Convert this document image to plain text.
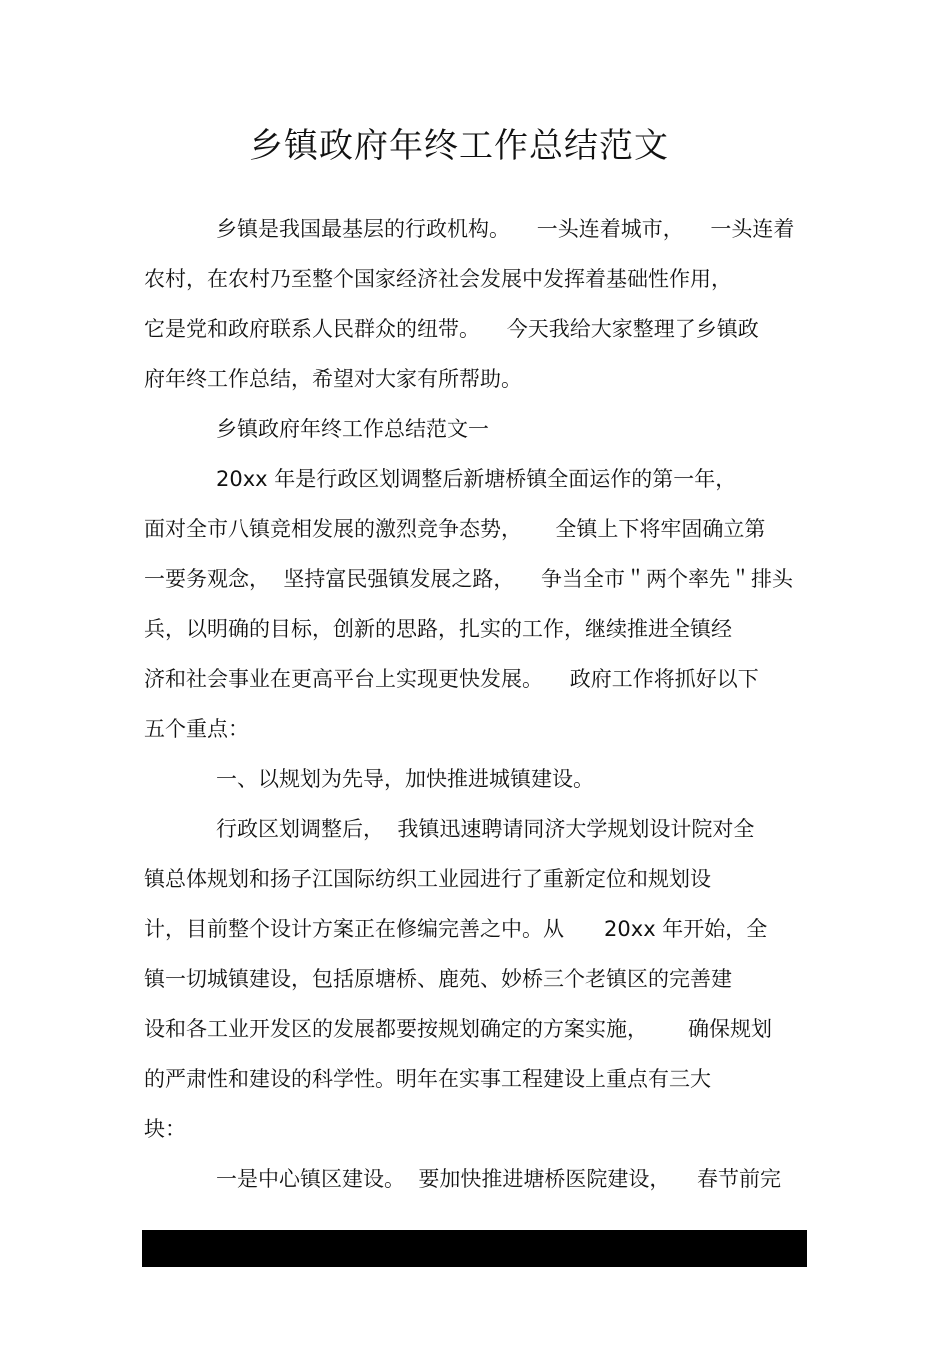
乡镇政府年终工作总结范文
乡镇是我国最基层的行政机构。    一头连着城市，    一头连着
农村，在农村乃至整个国家经济社会发展中发挥着基础性作用，
它是党和政府联系人民群众的纽带。    今天我给大家整理了乡镇政
府年终工作总结，希望对大家有所帮助。
乡镇政府年终工作总结范文一
20xx 年是行政区划调整后新塘桥镇全面运作的第一年，
面对全市八镇竞相发展的激烈竞争态势，     全镇上下将牢固确立第
一要务观念，  坚持富民强镇发展之路，    争当全市＂两个率先＂排头
兵，以明确的目标，创新的思路，扎实的工作，继续推进全镇经
济和社会事业在更高平台上实现更快发展。    政府工作将抓好以下
五个重点：
一、以规划为先导，加快推进城镇建设。
行政区划调整后，  我镇迅速聘请同济大学规划设计院对全
镇总体规划和扬子江国际纺织工业园进行了重新定位和规划设
计，目前整个设计方案正在修编完善之中。从      20xx 年开始，全
镇一切城镇建设，包括原塘桥、鹿苑、妙桥三个老镇区的完善建
设和各工业开发区的发展都要按规划确定的方案实施，      确保规划
的严肃性和建设的科学性。明年在实事工程建设上重点有三大
块：
一是中心镇区建设。  要加快推进塘桥医院建设，    春节前完
